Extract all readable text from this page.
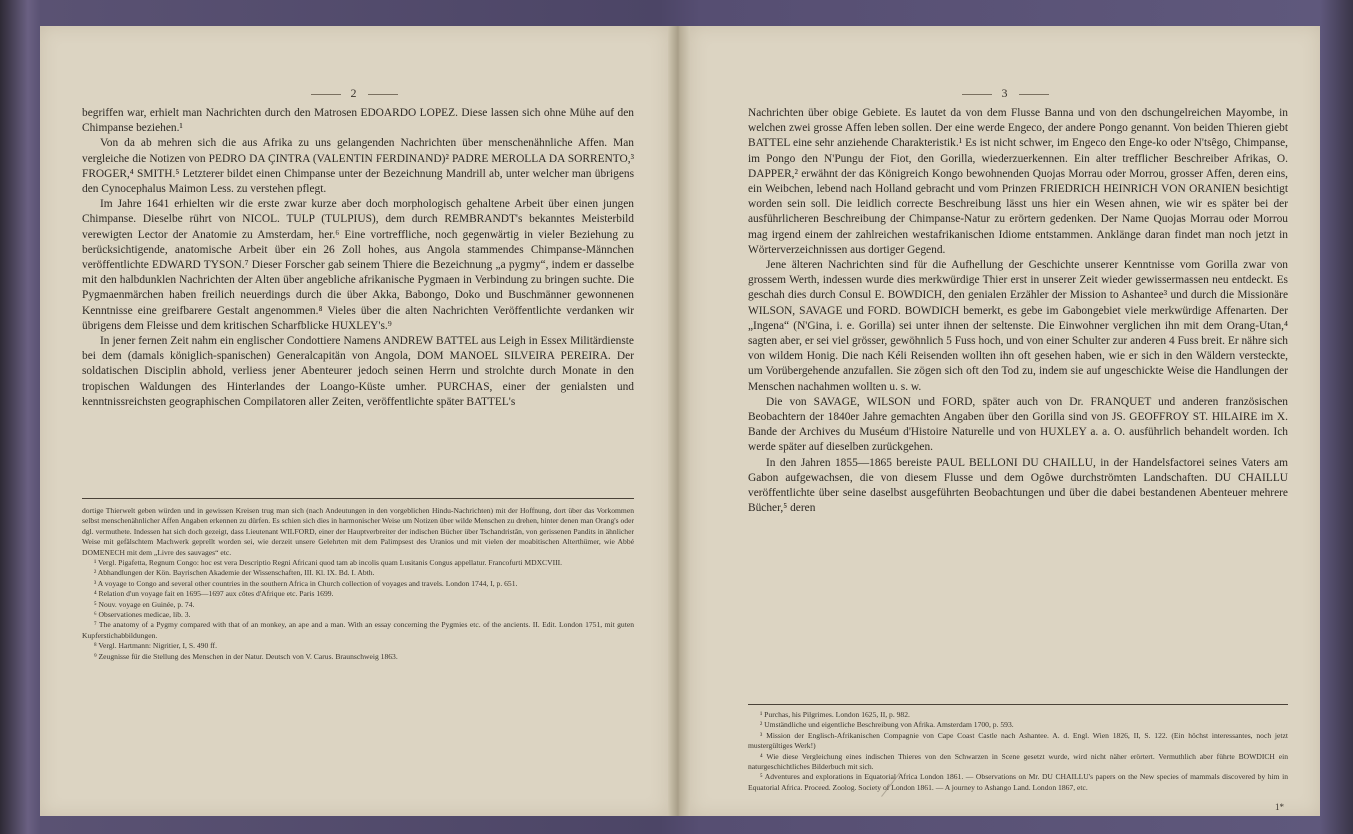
2

begriffen war, erhielt man Nachrichten durch den Matrosen EDOARDO LOPEZ. Diese lassen sich ohne Mühe auf den Chimpanse beziehen.¹

Von da ab mehren sich die aus Afrika zu uns gelangenden Nachrichten über menschenähnliche Affen. Man vergleiche die Notizen von PEDRO DA ÇINTRA (VALENTIN FERDINAND)² PADRE MEROLLA DA SORRENTO,³ FROGER,⁴ SMITH.⁵ Letzterer bildet einen Chimpanse unter der Bezeichnung Mandrill ab, unter welcher man übrigens den Cynocephalus Maimon Less. zu verstehen pflegt.

Im Jahre 1641 erhielten wir die erste zwar kurze aber doch morphologisch gehaltene Arbeit über einen jungen Chimpanse. Dieselbe rührt von NICOL. TULP (TULPIUS), dem durch REMBRANDT's bekanntes Meisterbild verewigten Lector der Anatomie zu Amsterdam, her.⁶ Eine vortreffliche, noch gegenwärtig in vieler Beziehung zu berücksichtigende, anatomische Arbeit über ein 26 Zoll hohes, aus Angola stammendes Chimpanse-Männchen veröffentlichte EDWARD TYSON.⁷ Dieser Forscher gab seinem Thiere die Bezeichnung „a pygmy“, indem er dasselbe mit den halbdunklen Nachrichten der Alten über angebliche afrikanische Pygmaen in Verbindung zu bringen suchte. Die Pygmaenmärchen haben freilich neuerdings durch die über Akka, Babongo, Doko und Buschmänner gewonnenen Kenntnisse eine greifbarere Gestalt angenommen.⁸ Vieles über die alten Nachrichten Veröffentlichte verdanken wir übrigens dem Fleisse und dem kritischen Scharfblicke HUXLEY's.⁹

In jener fernen Zeit nahm ein englischer Condottiere Namens ANDREW BATTEL aus Leigh in Essex Militärdienste bei dem (damals königlich-spanischen) Generalcapitän von Angola, DOM MANOEL SILVEIRA PEREIRA. Der soldatischen Disciplin abhold, verliess jener Abenteurer jedoch seinen Herrn und strolchte durch Monate in den tropischen Waldungen des Hinterlandes der Loango-Küste umher. PURCHAS, einer der genialsten und kenntnissreichsten geographischen Compilatoren aller Zeiten, veröffentlichte später BATTEL's

dortige Thierwelt geben würden und in gewissen Kreisen trug man sich (nach Andeutungen in den vorgeblichen Hindu-Nachrichten) mit der Hoffnung, dort über das Vorkommen selbst menschenähnlicher Affen Angaben erkennen zu dürfen. Es schien sich dies in harmonischer Weise um Notizen über wilde Menschen zu drehen, hinter denen man Orang's oder dgl. vermuthete. Indessen hat sich doch gezeigt, dass Lieutenant WILFORD, einer der Hauptverbreiter der indischen Bücher über Tschandristân, von gerissenen Pandits in ähnlicher Weise mit gefälschtem Machwerk geprellt worden sei, wie derzeit unsere Gelehrten mit dem Palimpsest des Uranios und mit vielen der moabitischen Alterthümer, wie Abbé DOMENECH mit dem „Livre des sauvages“ etc.

¹ Vergl. Pigafetta, Regnum Congo: hoc est vera Descriptio Regni Africani quod tam ab incolis quam Lusitanis Congus appellatur. Francofurti MDXCVIII.

² Abhandlungen der Kön. Bayrischen Akademie der Wissenschaften, III. Kl. IX. Bd. I. Abth.

³ A voyage to Congo and several other countries in the southern Africa in Church collection of voyages and travels. London 1744, I, p. 651.

⁴ Relation d'un voyage fait en 1695—1697 aux côtes d'Afrique etc. Paris 1699.

⁵ Nouv. voyage en Guinée, p. 74.

⁶ Observationes medicae, lib. 3.

⁷ The anatomy of a Pygmy compared with that of an monkey, an ape and a man. With an essay concerning the Pygmies etc. of the ancients. II. Edit. London 1751, mit guten Kupferstichabbildungen.

⁸ Vergl. Hartmann: Nigritier, I, S. 490 ff.

⁹ Zeugnisse für die Stellung des Menschen in der Natur. Deutsch von V. Carus. Braunschweig 1863.

3

Nachrichten über obige Gebiete. Es lautet da von dem Flusse Banna und von den dschungelreichen Mayombe, in welchen zwei grosse Affen leben sollen. Der eine werde Engeco, der andere Pongo genannt. Von beiden Thieren giebt BATTEL eine sehr anziehende Charakteristik.¹ Es ist nicht schwer, im Engeco den Enge-ko oder N'tsêgo, Chimpanse, im Pongo den N'Pungu der Fiot, den Gorilla, wiederzuerkennen. Ein alter trefflicher Beschreiber Afrikas, O. DAPPER,² erwähnt der das Königreich Kongo bewohnenden Quojas Morrau oder Morrou, grosser Affen, deren eins, ein Weibchen, lebend nach Holland gebracht und vom Prinzen FRIEDRICH HEINRICH VON ORANIEN besichtigt worden sein soll. Die leidlich correcte Beschreibung lässt uns hier ein Wesen ahnen, wie wir es später bei der ausführlicheren Beschreibung der Chimpanse-Natur zu erörtern gedenken. Der Name Quojas Morrau oder Morrou mag irgend einem der zahlreichen westafrikanischen Idiome entstammen. Anklänge daran findet man noch jetzt in Wörterverzeichnissen aus dortiger Gegend.

Jene älteren Nachrichten sind für die Aufhellung der Geschichte unserer Kenntnisse vom Gorilla zwar von grossem Werth, indessen wurde dies merkwürdige Thier erst in unserer Zeit wieder gewissermassen neu entdeckt. Es geschah dies durch Consul E. BOWDICH, den genialen Erzähler der Mission to Ashantee³ und durch die Missionäre WILSON, SAVAGE und FORD. BOWDICH bemerkt, es gebe im Gabongebiet viele merkwürdige Affenarten. Der „Ingena“ (N'Gina, i. e. Gorilla) sei unter ihnen der seltenste. Die Einwohner verglichen ihn mit dem Orang-Utan,⁴ sagten aber, er sei viel grösser, gewöhnlich 5 Fuss hoch, und von einer Schulter zur anderen 4 Fuss breit. Er nähre sich von wildem Honig. Die nach Kéli Reisenden wollten ihn oft gesehen haben, wie er sich in den Wäldern versteckte, um Vorübergehende anzufallen. Sie zögen sich oft den Tod zu, indem sie auf ungeschickte Weise die Handlungen der Menschen nachahmen wollten u. s. w.

Die von SAVAGE, WILSON und FORD, später auch von Dr. FRANQUET und anderen französischen Beobachtern der 1840er Jahre gemachten Angaben über den Gorilla sind von JS. GEOFFROY ST. HILAIRE im X. Bande der Archives du Muséum d'Histoire Naturelle und von HUXLEY a. a. O. ausführlich behandelt worden. Ich werde später auf dieselben zurückgehen.

In den Jahren 1855—1865 bereiste PAUL BELLONI DU CHAILLU, in der Handelsfactorei seines Vaters am Gabon aufgewachsen, die von diesem Flusse und dem Ogôwe durchströmten Landschaften. DU CHAILLU veröffentlichte über seine daselbst ausgeführten Beobachtungen und über die dabei bestandenen Abenteuer mehrere Bücher,⁵ deren

¹ Purchas, his Pilgrimes. London 1625, II, p. 982.

² Umständliche und eigentliche Beschreibung von Afrika. Amsterdam 1700, p. 593.

³ Mission der Englisch-Afrikanischen Compagnie von Cape Coast Castle nach Ashantee. A. d. Engl. Wien 1826, II, S. 122. (Ein höchst interessantes, noch jetzt mustergültiges Werk!)

⁴ Wie diese Vergleichung eines indischen Thieres von den Schwarzen in Scene gesetzt wurde, wird nicht näher erörtert. Vermuthlich aber führte BOWDICH ein naturgeschichtliches Bilderbuch mit sich.

⁵ Adventures and explorations in Equatorial Africa London 1861. — Observations on Mr. DU CHAILLU's papers on the New species of mammals discovered by him in Equatorial Africa. Proceed. Zoolog. Society of London 1861. — A journey to Ashango Land. London 1867, etc.

1*
